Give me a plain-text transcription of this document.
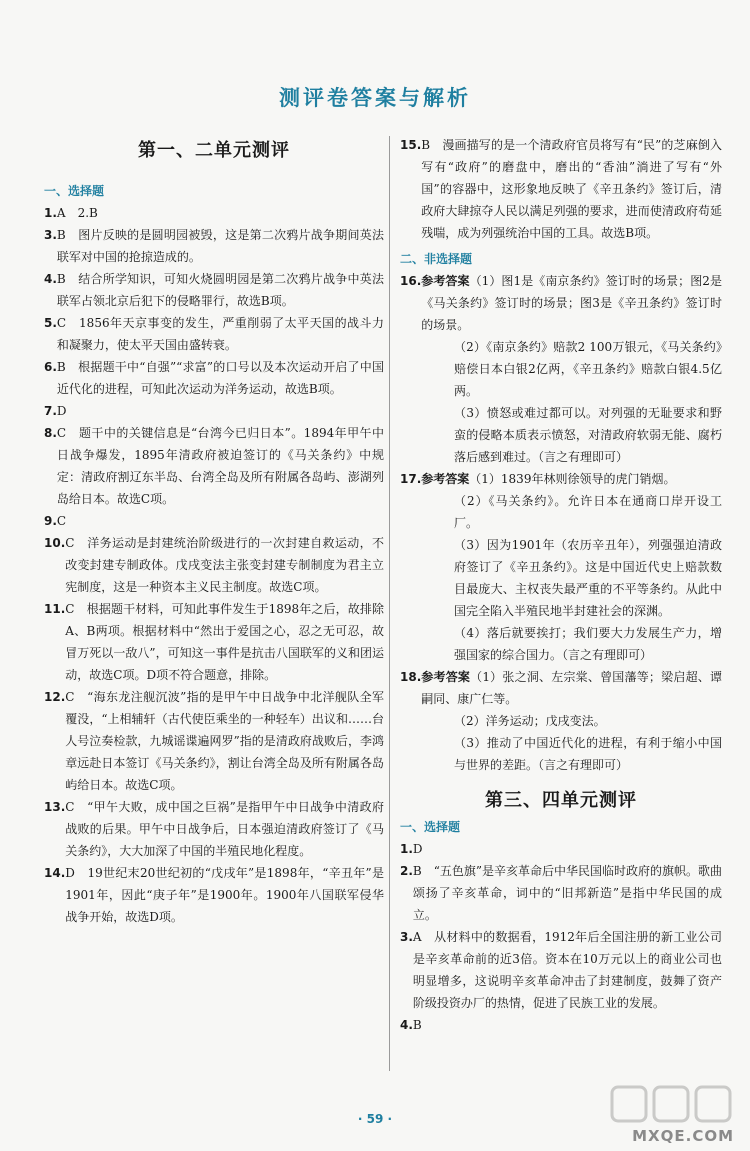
测评卷答案与解析
第一、二单元测评
一、选择题
1. A　2.B
3. B　图片反映的是圆明园被毁，这是第二次鸦片战争期间英法联军对中国的抢掠造成的。
4. B　结合所学知识，可知火烧圆明园是第二次鸦片战争中英法联军占领北京后犯下的侵略罪行，故选B项。
5. C　1856年天京事变的发生，严重削弱了太平天国的战斗力和凝聚力，使太平天国由盛转衰。
6. B　根据题干中“自强”“求富”的口号以及本次运动开启了中国近代化的进程，可知此次运动为洋务运动，故选B项。
7. D
8. C　题干中的关键信息是“台湾今已归日本”。1894年甲午中日战争爆发，1895年清政府被迫签订的《马关条约》中规定：清政府割辽东半岛、台湾全岛及所有附属各岛屿、澎湖列岛给日本。故选C项。
9. C
10. C　洋务运动是封建统治阶级进行的一次封建自救运动，不改变封建专制政体。戊戌变法主张变封建专制制度为君主立宪制度，这是一种资本主义民主制度。故选C项。
11. C　根据题干材料，可知此事件发生于1898年之后，故排除A、B两项。根据材料中“然出于爱国之心，忍之无可忍，故冒万死以一敌八”，可知这一事件是抗击八国联军的义和团运动，故选C项。D项不符合题意，排除。
12. C　“海东龙注舰沉波”指的是甲午中日战争中北洋舰队全军覆没，“上相辅轩（古代使臣乘坐的一种轻车）出议和……台人号泣奏检款，九城谣谍遍网罗”指的是清政府战败后，李鸿章远赴日本签订《马关条约》，割让台湾全岛及所有附属各岛屿给日本。故选C项。
13. C　“甲午大败，成中国之巨祸”是指甲午中日战争中清政府战败的后果。甲午中日战争后，日本强迫清政府签订了《马关条约》，大大加深了中国的半殖民地化程度。
14. D　19世纪末20世纪初的“戊戌年”是1898年，“辛丑年”是1901年，因此“庚子年”是1900年。1900年八国联军侵华战争开始，故选D项。
15. B　漫画描写的是一个清政府官员将写有“民”的芝麻倒入写有“政府”的磨盘中，磨出的“香油”淌进了写有“外国”的容器中，这形象地反映了《辛丑条约》签订后，清政府大肆掠夺人民以满足列强的要求，进而使清政府苟延残喘，成为列强统治中国的工具。故选B项。
二、非选择题
16. 参考答案（1）图1是《南京条约》签订时的场景；图2是《马关条约》签订时的场景；图3是《辛丑条约》签订时的场景。
（2）《南京条约》赔款2 100万银元，《马关条约》赔偿日本白银2亿两，《辛丑条约》赔款白银4.5亿两。
（3）愤怒或难过都可以。对列强的无耻要求和野蛮的侵略本质表示愤怒，对清政府软弱无能、腐朽落后感到难过。（言之有理即可）
17. 参考答案（1）1839年林则徐领导的虎门销烟。
（2）《马关条约》。允许日本在通商口岸开设工厂。
（3）因为1901年（农历辛丑年），列强强迫清政府签订了《辛丑条约》。这是中国近代史上赔款数目最庞大、主权丧失最严重的不平等条约。从此中国完全陷入半殖民地半封建社会的深渊。
（4）落后就要挨打；我们要大力发展生产力，增强国家的综合国力。（言之有理即可）
18. 参考答案（1）张之洞、左宗棠、曾国藩等；梁启超、谭嗣同、康广仁等。
（2）洋务运动；戊戌变法。
（3）推动了中国近代化的进程，有利于缩小中国与世界的差距。（言之有理即可）
第三、四单元测评
一、选择题
1. D
2. B　“五色旗”是辛亥革命后中华民国临时政府的旗帜。歌曲颂扬了辛亥革命，词中的“旧邦新造”是指中华民国的成立。
3. A　从材料中的数据看，1912年后全国注册的新工业公司是辛亥革命前的近3倍。资本在10万元以上的商业公司也明显增多，这说明辛亥革命冲击了封建制度，鼓舞了资产阶级投资办厂的热情，促进了民族工业的发展。
4. B
· 59 ·
MXQE.COM
